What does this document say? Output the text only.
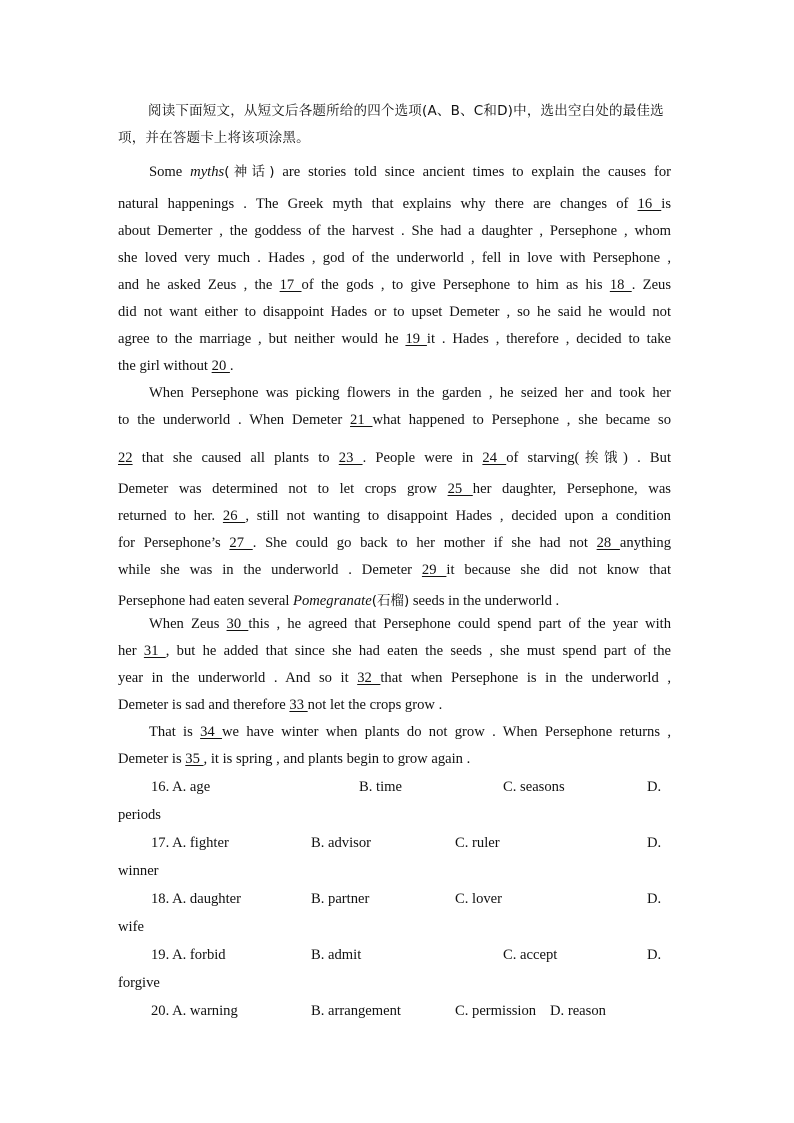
阅读下面短文，从短文后各题所给的四个选项(A、B、C和D)中，选出空白处的最佳选项，并在答题卡上将该项涂黑。
Some myths(神话) are stories told since ancient times to explain the causes for
natural happenings . The Greek myth that explains why there are changes of 16 is
about Demerter , the goddess of the harvest . She had a daughter , Persephone , whom
she loved very much . Hades , god of the underworld , fell in love with Persephone ,
and he asked Zeus , the 17 of the gods , to give Persephone to him as his 18 . Zeus
did not want either to disappoint Hades or to upset Demeter , so he said he would not
agree to the marriage , but neither would he 19 it . Hades , therefore , decided to take
the girl without 20 .
When Persephone was picking flowers in the garden , he seized her and took her
to the underworld . When Demeter 21 what happened to Persephone , she became so
22 that she caused all plants to 23 . People were in 24 of starving(挨饿) . But
Demeter was determined not to let crops grow 25 her daughter, Persephone, was
returned to her. 26 , still not wanting to disappoint Hades , decided upon a condition
for Persephone’s 27 . She could go back to her mother if she had not 28 anything
while she was in the underworld . Demeter 29 it because she did not know that
Persephone had eaten several Pomegranate(石榴) seeds in the underworld .
When Zeus 30 this , he agreed that Persephone could spend part of the year with
her 31 , but he added that since she had eaten the seeds , she must spend part of the
year in the underworld . And so it 32 that when Persephone is in the underworld ,
Demeter is sad and therefore 33 not let the crops grow .
That is 34 we have winter when plants do not grow . When Persephone returns ,
Demeter is 35 , it is spring , and plants begin to grow again .
16. A. age	B. time	C. seasons	D.
periods
17. A. fighter	B. advisor	C. ruler	D.
winner
18. A. daughter	B. partner	C. lover	D.
wife
19. A. forbid	B. admit	C. accept	D.
forgive
20. A. warning	B. arrangement	C. permission D. reason
